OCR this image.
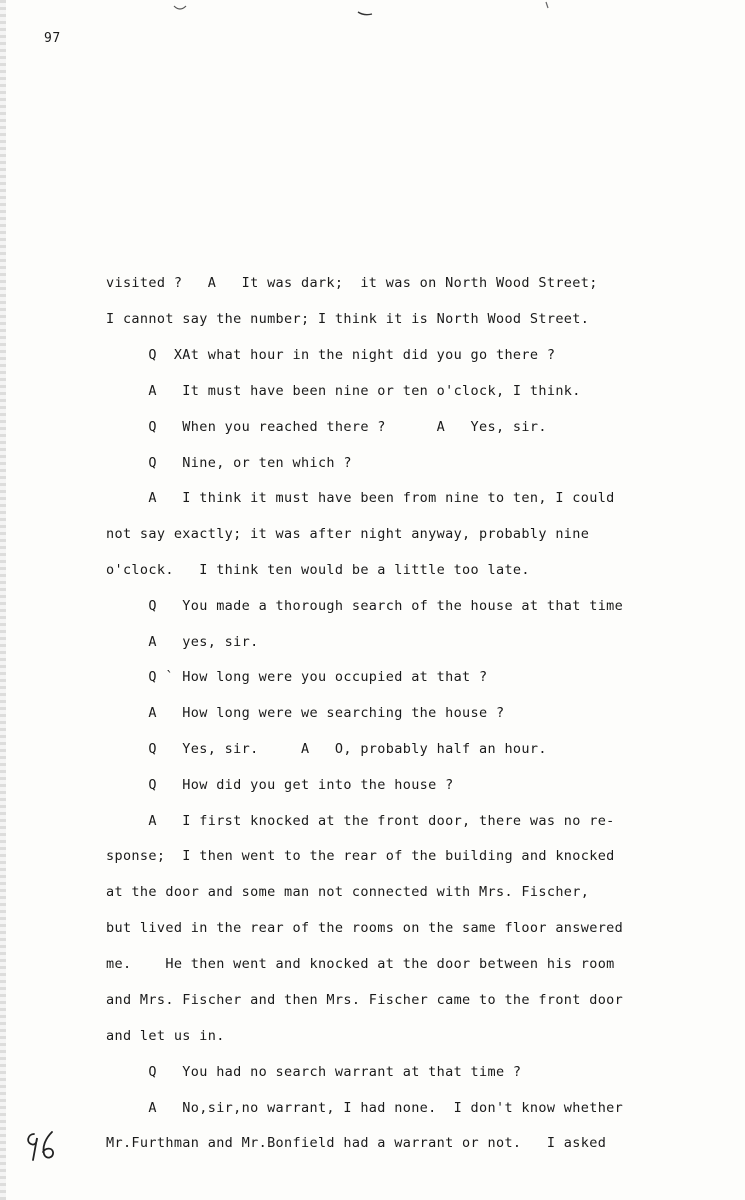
97
visited ?   A   It was dark;  it was on North Wood Street;
I cannot say the number; I think it is North Wood Street.
Q  XAt what hour in the night did you go there ?
A   It must have been nine or ten o'clock, I think.
Q   When you reached there ?      A   Yes, sir.
Q   Nine, or ten which ?
A   I think it must have been from nine to ten, I could
not say exactly; it was after night anyway, probably nine
o'clock.   I think ten would be a little too late.
Q   You made a thorough search of the house at that time
A   yes, sir.
Q ` How long were you occupied at that ?
A   How long were we searching the house ?
Q   Yes, sir.     A   O, probably half an hour.
Q   How did you get into the house ?
A   I first knocked at the front door, there was no re-
sponse;  I then went to the rear of the building and knocked
at the door and some man not connected with Mrs. Fischer,
but lived in the rear of the rooms on the same floor answered
me.    He then went and knocked at the door between his room
and Mrs. Fischer and then Mrs. Fischer came to the front door
and let us in.
Q   You had no search warrant at that time ?
A   No,sir,no warrant, I had none.  I don't know whether
Mr.Furthman and Mr.Bonfield had a warrant or not.   I asked
